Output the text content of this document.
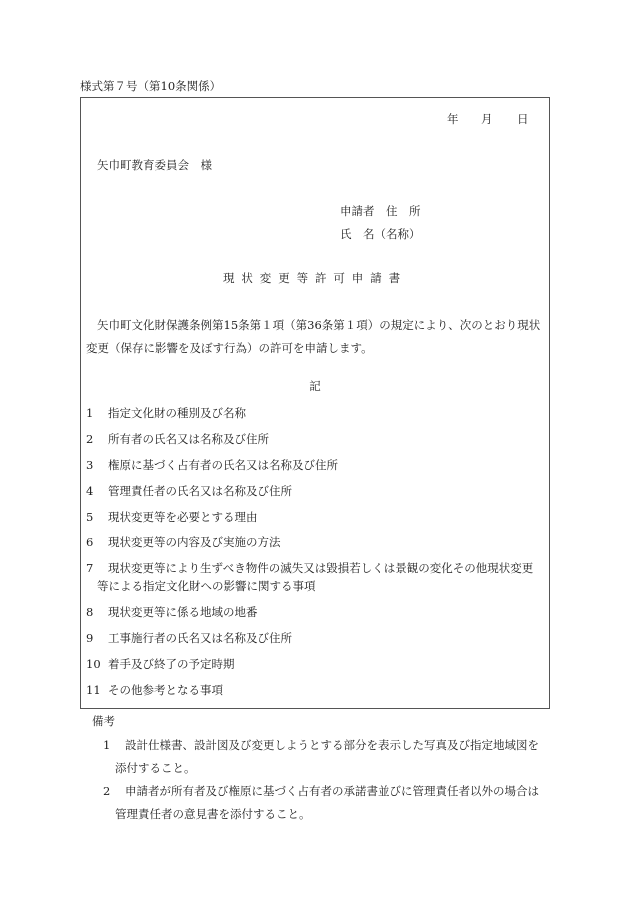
様式第７号（第10条関係）
年 月 日
矢巾町教育委員会　様
申請者　住　所
氏　名（名称）
現状変更等許可申請書
矢巾町文化財保護条例第15条第１項（第36条第１項）の規定により、次のとおり現状
変更（保存に影響を及ぼす行為）の許可を申請します。
記
1 指定文化財の種別及び名称
2 所有者の氏名又は名称及び住所
3 権原に基づく占有者の氏名又は名称及び住所
4 管理責任者の氏名又は名称及び住所
5 現状変更等を必要とする理由
6 現状変更等の内容及び実施の方法
7 現状変更等により生ずべき物件の滅失又は毀損若しくは景観の変化その他現状変更
等による指定文化財への影響に関する事項
8 現状変更等に係る地域の地番
9 工事施行者の氏名又は名称及び住所
10 着手及び終了の予定時期
11 その他参考となる事項
備考
1 設計仕様書、設計図及び変更しようとする部分を表示した写真及び指定地域図を
添付すること。
2 申請者が所有者及び権原に基づく占有者の承諾書並びに管理責任者以外の場合は
管理責任者の意見書を添付すること。
